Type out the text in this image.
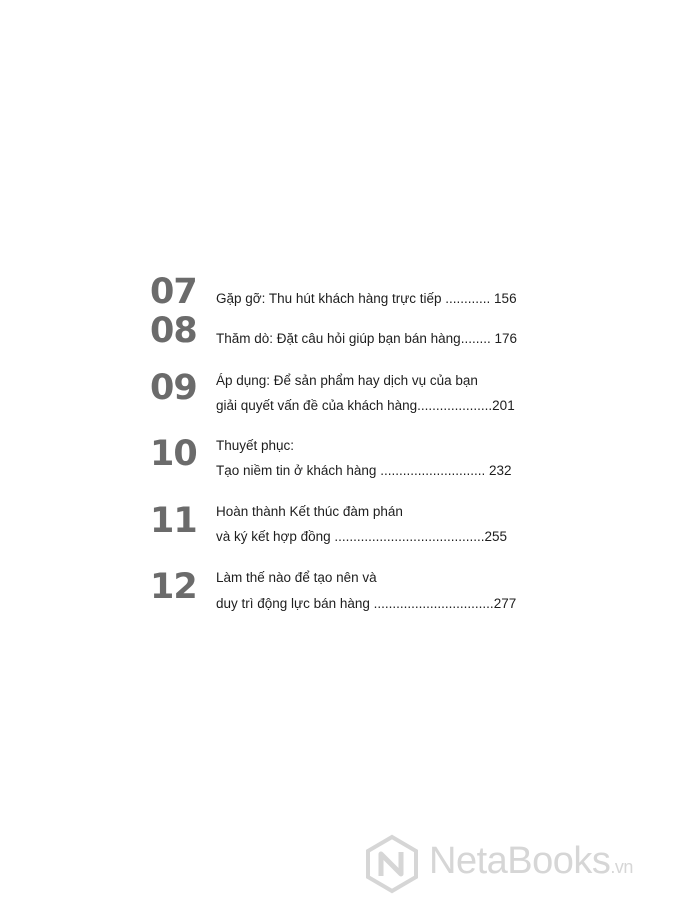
07	Gặp gỡ: Thu hút khách hàng trực tiếp ............ 156
08	Thăm dò: Đặt câu hỏi giúp bạn bán hàng........ 176
09	Áp dụng: Để sản phẩm hay dịch vụ của bạn
giải quyết vấn đề của khách hàng....................201
10	Thuyết phục:
Tạo niềm tin ở khách hàng ............................ 232
11	Hoàn thành Kết thúc đàm phán
và ký kết hợp đồng ........................................255
12	Làm thế nào để tạo nên và
duy trì động lực bán hàng ................................277
NetaBooks.vn
